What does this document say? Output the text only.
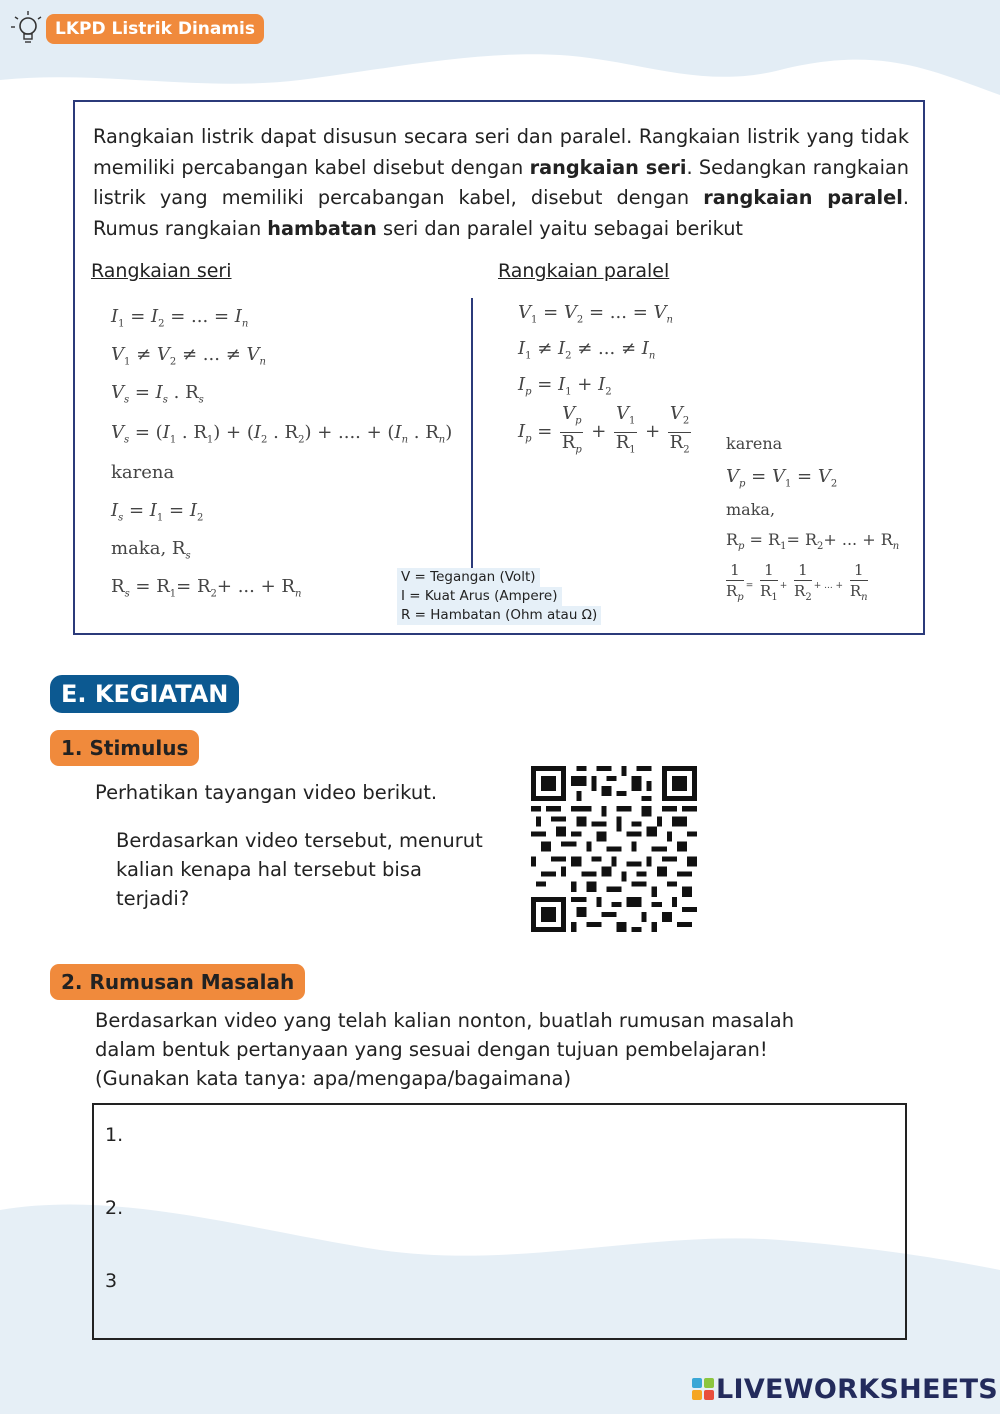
LKPD Listrik Dinamis

Rangkaian listrik dapat disusun secara seri dan paralel. Rangkaian listrik yang tidak memiliki percabangan kabel disebut dengan rangkaian seri. Sedangkan rangkaian listrik yang memiliki percabangan kabel, disebut dengan rangkaian paralel. Rumus rangkaian hambatan seri dan paralel yaitu sebagai berikut

Rangkaian seri	Rangkaian paralel
$I_1 = I_2$ = ... = $I_n$
$V_1 \ne V_2$ ≠ ... ≠ $V_n$
$V_s = I_s$ . $R_s$
$V_s = (I_1$ . $R_1) + (I_2$ . $R_2$) + .... + ($I_n$ . $R_n$)
karena
$I_s = I_1 = I_2$
maka, $R_s$
$R_s = R_1= R_2+$ ... + $R_n$
$V_1 = V_2$ = ... = $V_n$
$I_1 \ne I_2$ ≠ ... ≠ $I_n$
$I_p = I_1 + I_2$
$I_p = \frac{V_p}{R_p} + \frac{V_1}{R_1} + \frac{V_2}{R_2}$ karena
$V_p = V_1 = V_2$
maka,
$R_p = R_1= R_2+$ ... + $R_n$
$\frac{1}{R_p} = \frac{1}{R_1} + \frac{1}{R_2}$ + ... + $\frac{1}{R_n}$
V = Tegangan (Volt)
I = Kuat Arus (Ampere)
R = Hambatan (Ohm atau Ω)
E. KEGIATAN
1. Stimulus
Perhatikan tayangan video berikut.
Berdasarkan video tersebut, menurut
kalian kenapa hal tersebut bisa
terjadi?
2. Rumusan Masalah
Berdasarkan video yang telah kalian nonton, buatlah rumusan masalah
dalam bentuk pertanyaan yang sesuai dengan tujuan pembelajaran!
(Gunakan kata tanya: apa/mengapa/bagaimana)
1.
2.
3
LIVEWORKSHEETS
